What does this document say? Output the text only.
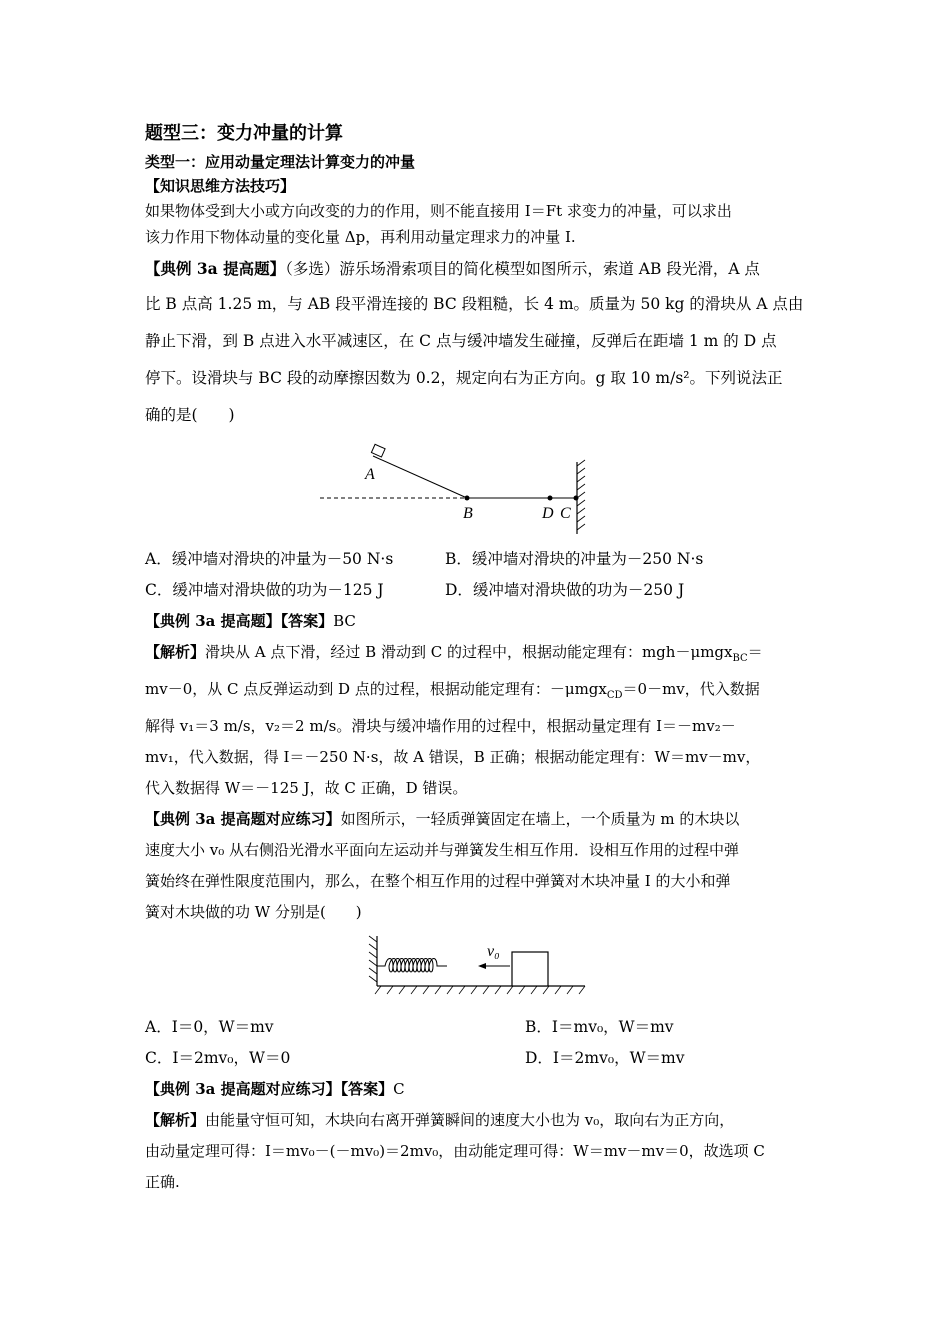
题型三：变力冲量的计算

类型一：应用动量定理法计算变力的冲量

【知识思维方法技巧】

如果物体受到大小或方向改变的力的作用，则不能直接用 I＝Ft 求变力的冲量，可以求出

该力作用下物体动量的变化量 Δp，再利用动量定理求力的冲量 I.

【典例 3a 提高题】（多选）游乐场滑索项目的简化模型如图所示，索道 AB 段光滑，A 点

比 B 点高 1.25 m，与 AB 段平滑连接的 BC 段粗糙，长 4 m。质量为 50 kg 的滑块从 A 点由

静止下滑，到 B 点进入水平减速区，在 C 点与缓冲墙发生碰撞，反弹后在距墙 1 m 的 D 点

停下。设滑块与 BC 段的动摩擦因数为 0.2，规定向右为正方向。g 取 10 m/s²。下列说法正

确的是(　　)

A
B	D C
A．缓冲墙对滑块的冲量为－50 N·s	B．缓冲墙对滑块的冲量为－250 N·s
C．缓冲墙对滑块做的功为－125 J	D．缓冲墙对滑块做的功为－250 J

【典例 3a 提高题】【答案】BC

【解析】滑块从 A 点下滑，经过 B 滑动到 C 的过程中，根据动能定理有：mgh－μmgx$_{BC}$＝

mv－0，从 C 点反弹运动到 D 点的过程，根据动能定理有：－μmgx$_{CD}$＝0－mv，代入数据

解得 v₁＝3 m/s，v₂＝2 m/s。滑块与缓冲墙作用的过程中，根据动量定理有 I＝－mv₂－

mv₁，代入数据，得 I＝－250 N·s，故 A 错误，B 正确；根据动能定理有：W＝mv－mv，

代入数据得 W＝－125 J，故 C 正确，D 错误。

【典例 3a 提高题对应练习】如图所示，一轻质弹簧固定在墙上，一个质量为 m 的木块以

速度大小 v₀ 从右侧沿光滑水平面向左运动并与弹簧发生相互作用．设相互作用的过程中弹

簧始终在弹性限度范围内，那么，在整个相互作用的过程中弹簧对木块冲量 I 的大小和弹

簧对木块做的功 W 分别是(　　)

v₀
A．I＝0，W＝mv	B．I＝mv₀，W＝mv
C．I＝2mv₀，W＝0	D．I＝2mv₀，W＝mv

【典例 3a 提高题对应练习】【答案】C

【解析】由能量守恒可知，木块向右离开弹簧瞬间的速度大小也为 v₀，取向右为正方向，

由动量定理可得：I＝mv₀－(－mv₀)＝2mv₀，由动能定理可得：W＝mv－mv＝0，故选项 C

正确.
